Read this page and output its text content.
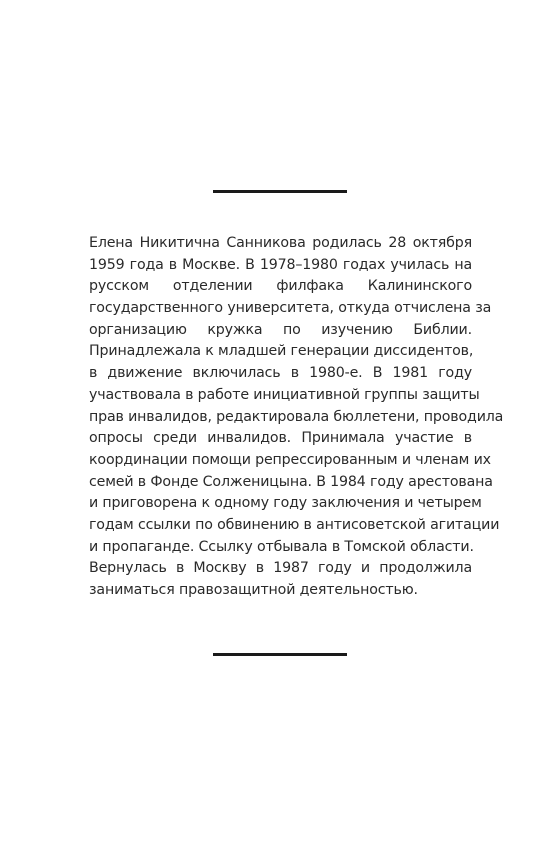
Елена Никитична Санникова родилась 28 октября
1959 года в Москве. В 1978–1980 годах училась на
русском отделении филфака Калининского
государственного университета, откуда отчислена за
организацию кружка по изучению Библии.
Принадлежала к младшей генерации диссидентов,
в движение включилась в 1980-е. В 1981 году
участвовала в работе инициативной группы защиты
прав инвалидов, редактировала бюллетени, проводила
опросы среди инвалидов. Принимала участие в
координации помощи репрессированным и членам их
семей в Фонде Солженицына. В 1984 году арестована
и приговорена к одному году заключения и четырем
годам ссылки по обвинению в антисоветской агитации
и пропаганде. Ссылку отбывала в Томской области.
Вернулась в Москву в 1987 году и продолжила
заниматься правозащитной деятельностью.
